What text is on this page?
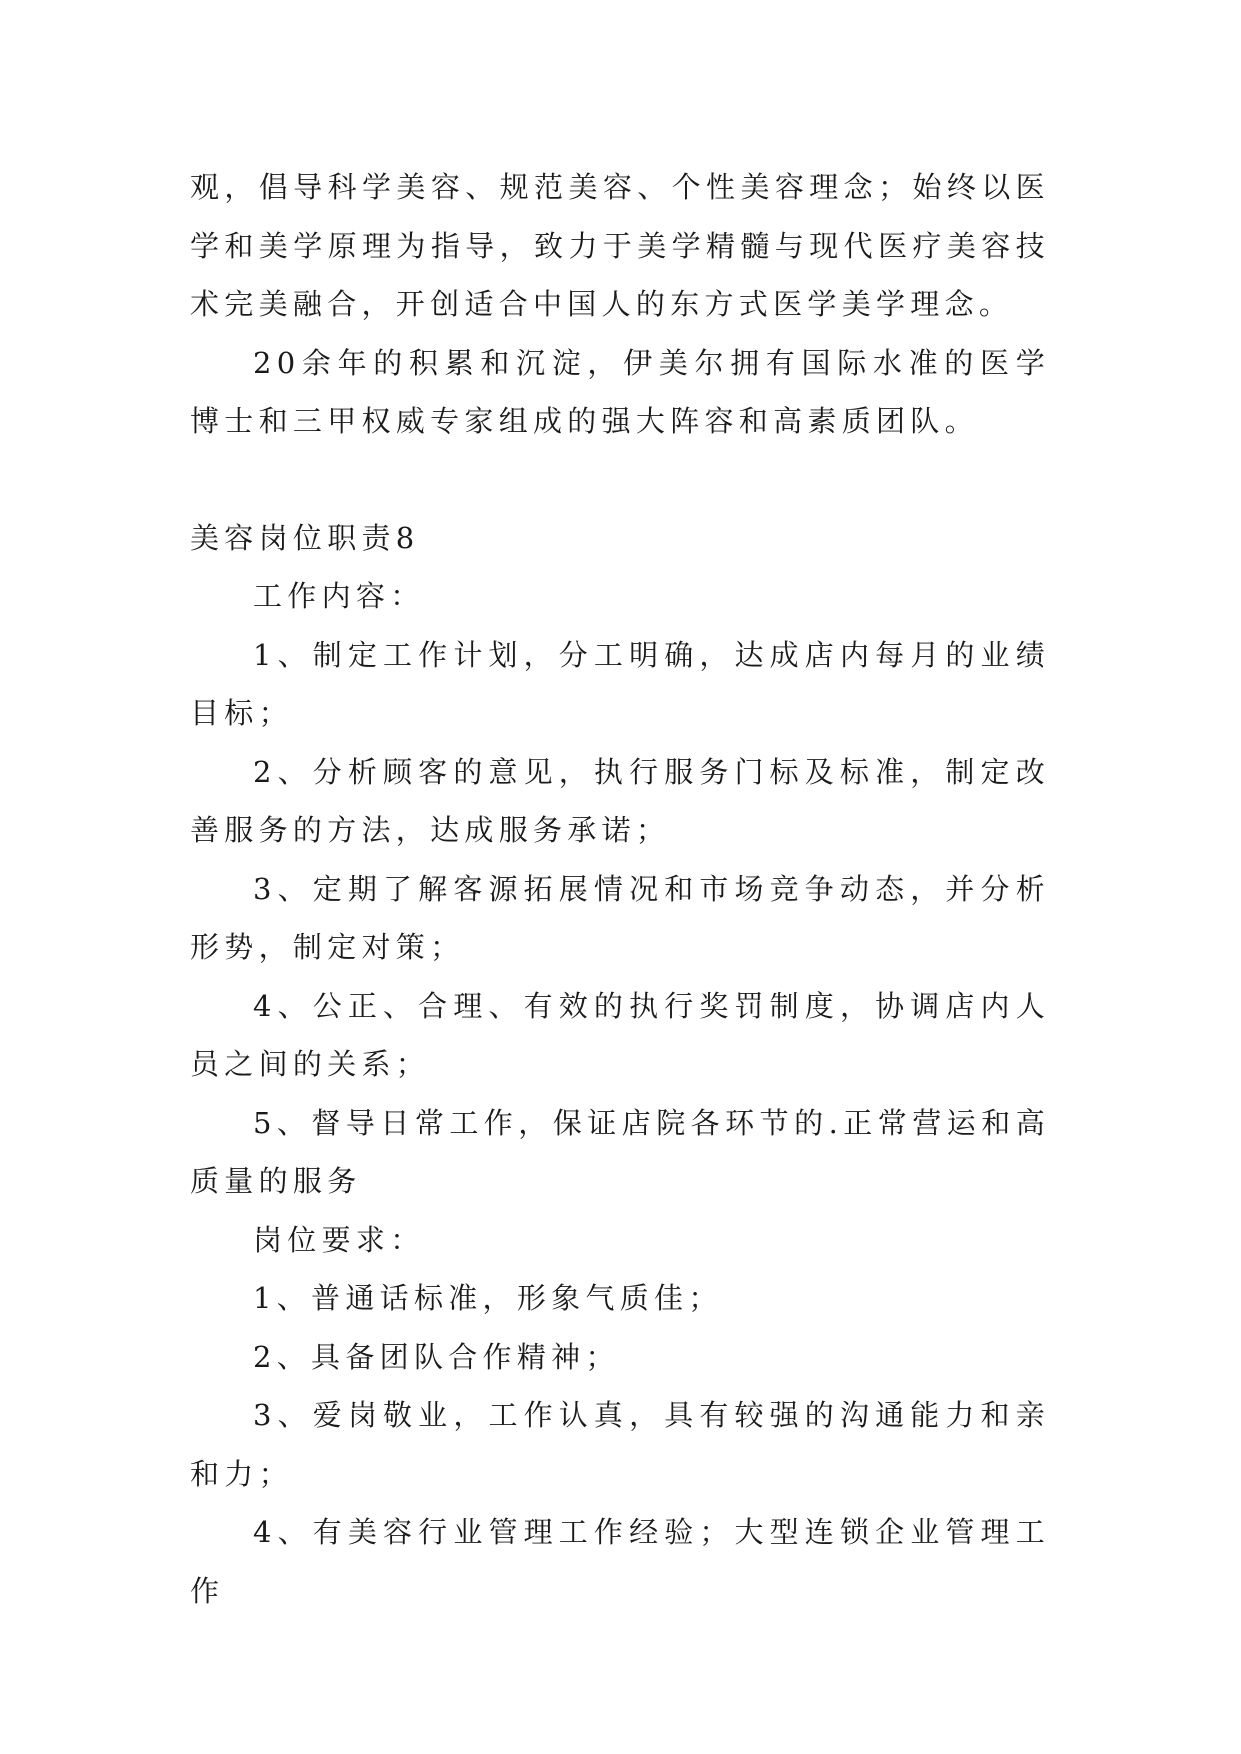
观，倡导科学美容、规范美容、个性美容理念；始终以医学和美学原理为指导，致力于美学精髓与现代医疗美容技术完美融合，开创适合中国人的东方式医学美学理念。

20余年的积累和沉淀，伊美尔拥有国际水准的医学博士和三甲权威专家组成的强大阵容和高素质团队。

美容岗位职责8

工作内容：

1、制定工作计划，分工明确，达成店内每月的业绩目标；

2、分析顾客的意见，执行服务门标及标准，制定改善服务的方法，达成服务承诺；

3、定期了解客源拓展情况和市场竞争动态，并分析形势，制定对策；

4、公正、合理、有效的执行奖罚制度，协调店内人员之间的关系；

5、督导日常工作，保证店院各环节的.正常营运和高质量的服务

岗位要求：

1、普通话标准，形象气质佳；

2、具备团队合作精神；

3、爱岗敬业，工作认真，具有较强的沟通能力和亲和力；

4、有美容行业管理工作经验；大型连锁企业管理工作
